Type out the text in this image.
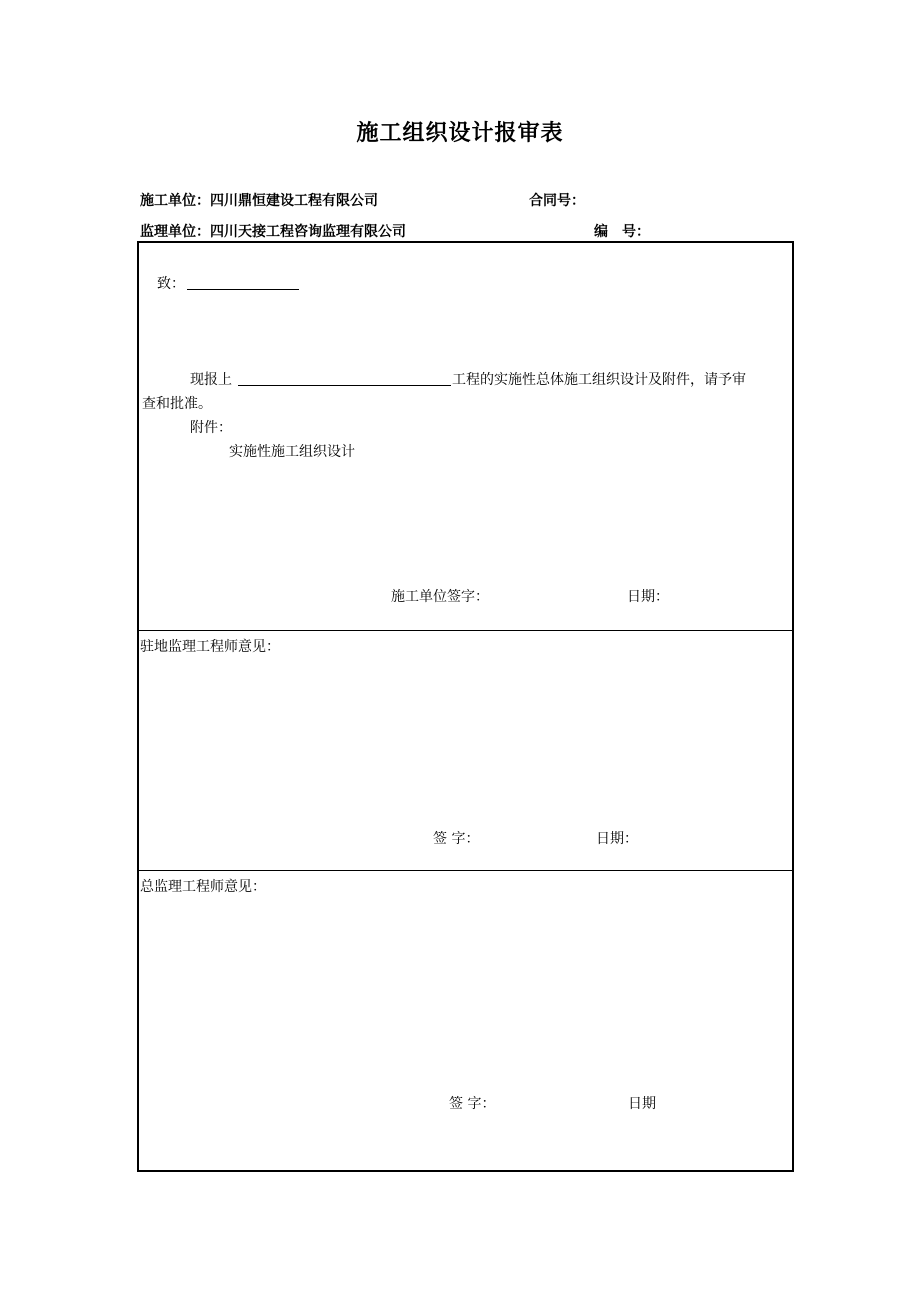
施工组织设计报审表
施工单位：四川鼎恒建设工程有限公司	合同号：
监理单位：四川天接工程咨询监理有限公司	编　号：
致：
现报上	工程的实施性总体施工组织设计及附件，请予审
查和批准。
附件：
实施性施工组织设计
施工单位签字：	日期：
驻地监理工程师意见：
签 字：	日期：
总监理工程师意见：
签 字：	日期
